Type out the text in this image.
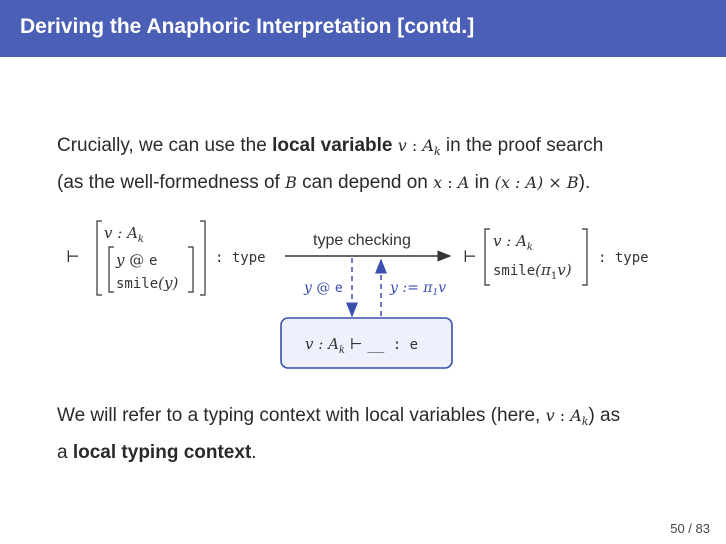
Deriving the Anaphoric Interpretation [contd.]
Crucially, we can use the local variable v : $A_k$ in the proof search
(as the well-formedness of B can depend on x : A in (x : A) × B).
⊢
v : $A_k$
y @ e
smile(y)
: type
type checking
y @ e	y := $\pi_1v$
⊢
v : $A_k$
$smile(\pi_1v)$
: type
v : $A_k$ ⊢ __ : e
We will refer to a typing context with local variables (here, v : $A_k$) as
a local typing context.
50 / 83
